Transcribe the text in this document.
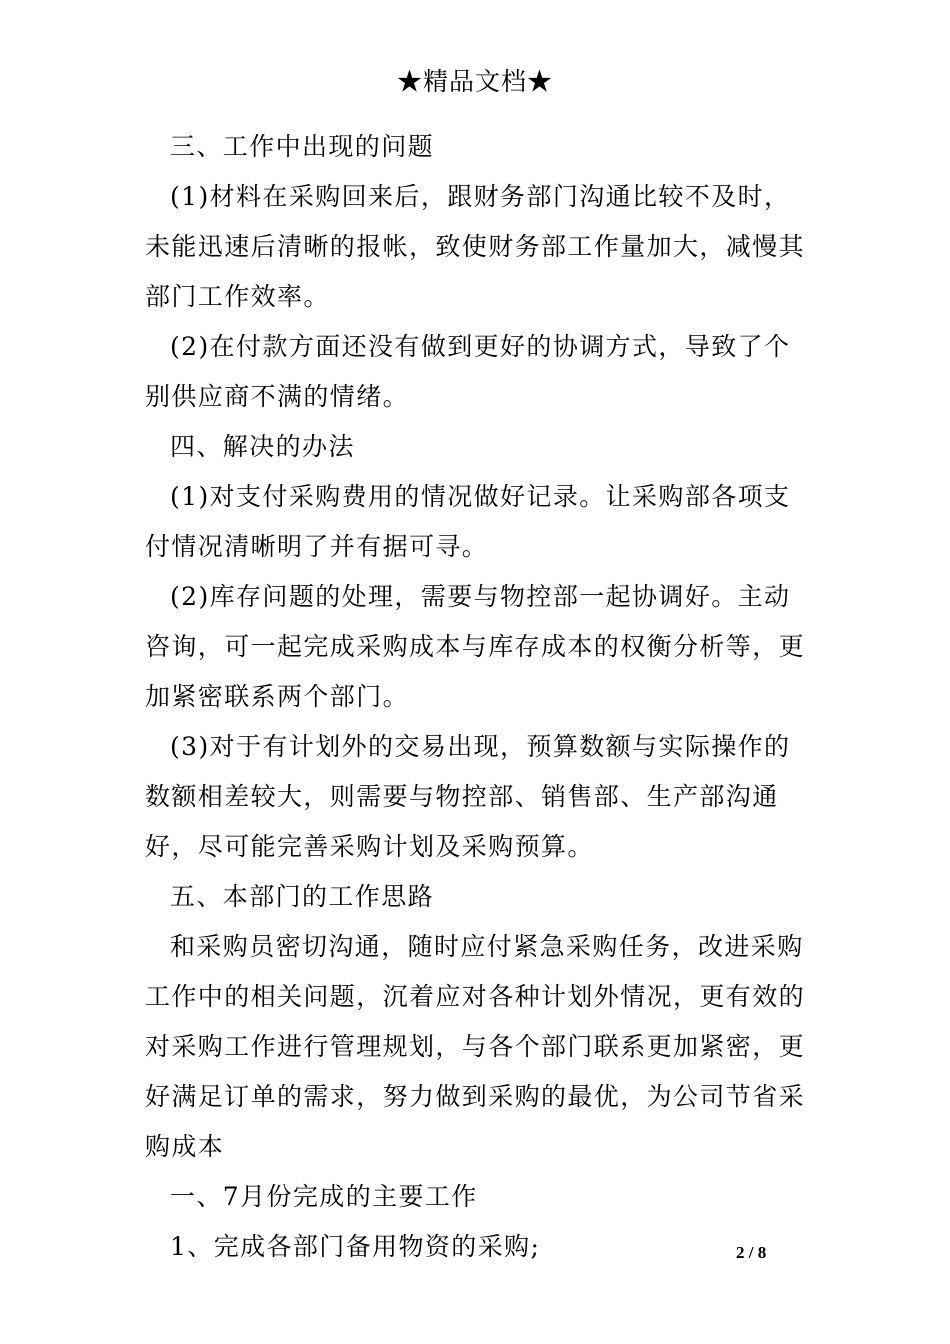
★精品文档★

三、工作中出现的问题

(1)材料在采购回来后，跟财务部门沟通比较不及时，未能迅速后清晰的报帐，致使财务部工作量加大，减慢其部门工作效率。

(2)在付款方面还没有做到更好的协调方式，导致了个别供应商不满的情绪。

四、解决的办法

(1)对支付采购费用的情况做好记录。让采购部各项支付情况清晰明了并有据可寻。

(2)库存问题的处理，需要与物控部一起协调好。主动咨询，可一起完成采购成本与库存成本的权衡分析等，更加紧密联系两个部门。

(3)对于有计划外的交易出现，预算数额与实际操作的数额相差较大，则需要与物控部、销售部、生产部沟通好，尽可能完善采购计划及采购预算。

五、本部门的工作思路

和采购员密切沟通，随时应付紧急采购任务，改进采购工作中的相关问题，沉着应对各种计划外情况，更有效的对采购工作进行管理规划，与各个部门联系更加紧密，更好满足订单的需求，努力做到采购的最优，为公司节省采购成本

一、7月份完成的主要工作

1、完成各部门备用物资的采购;	2 / 8
